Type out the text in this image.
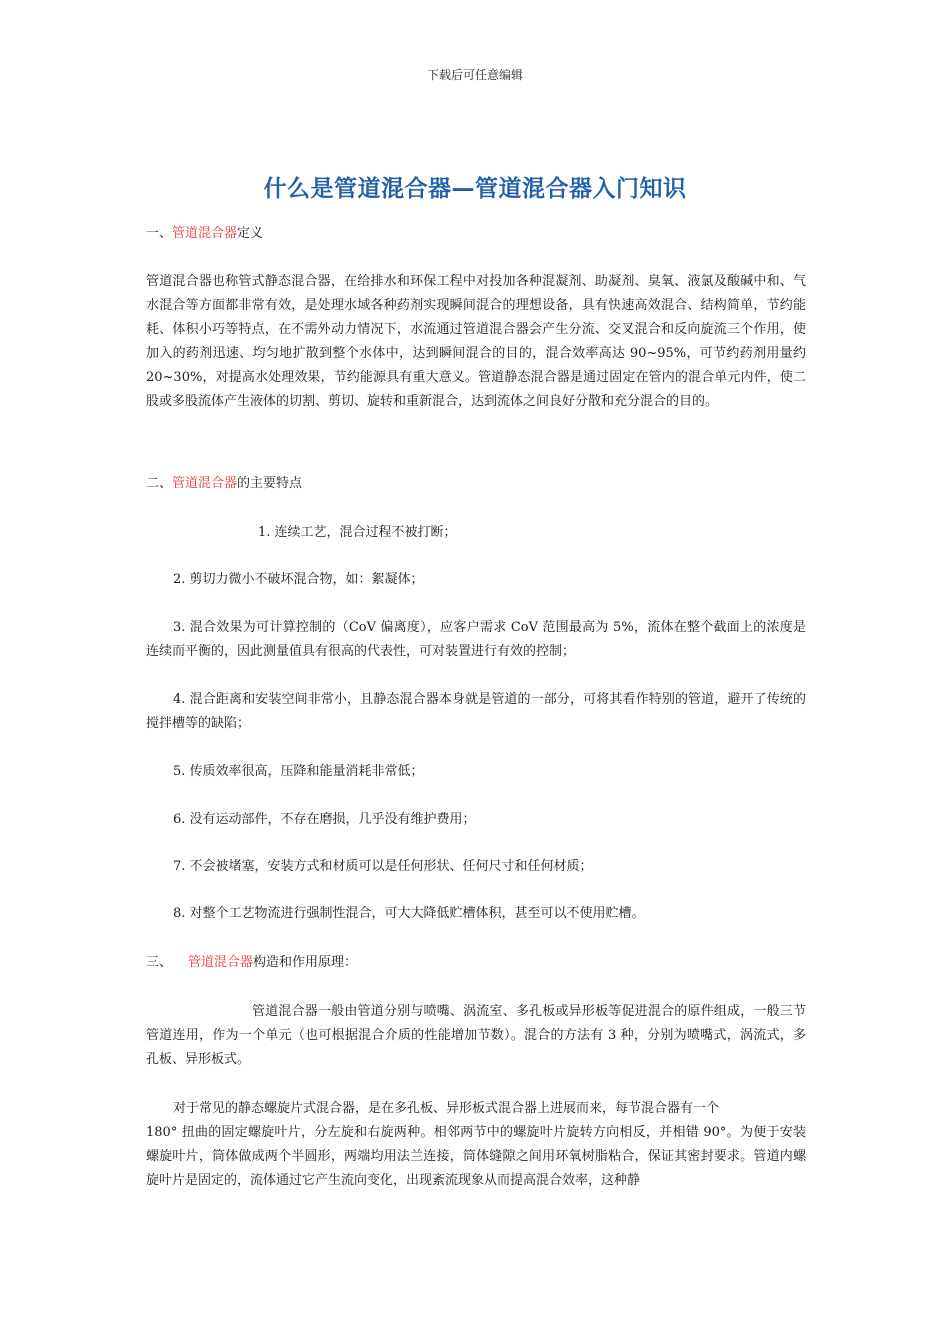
下载后可任意编辑
什么是管道混合器—管道混合器入门知识
一、管道混合器定义
管道混合器也称管式静态混合器，在给排水和环保工程中对投加各种混凝剂、助凝剂、臭氧、液氯及酸碱中和、气水混合等方面都非常有效，是处理水域各种药剂实现瞬间混合的理想设备，具有快速高效混合、结构简单，节约能耗、体积小巧等特点，在不需外动力情况下，水流通过管道混合器会产生分流、交叉混合和反向旋流三个作用，使加入的药剂迅速、均匀地扩散到整个水体中，达到瞬间混合的目的，混合效率高达 90~95%，可节约药剂用量约 20~30%，对提高水处理效果，节约能源具有重大意义。管道静态混合器是通过固定在管内的混合单元内件，使二股或多股流体产生液体的切割、剪切、旋转和重新混合，达到流体之间良好分散和充分混合的目的。
二、管道混合器的主要特点
1. 连续工艺，混合过程不被打断；
2. 剪切力微小不破坏混合物，如：絮凝体；
3. 混合效果为可计算控制的（CoV 偏离度），应客户需求 CoV 范围最高为 5%，流体在整个截面上的浓度是连续而平衡的，因此测量值具有很高的代表性，可对装置进行有效的控制；
4. 混合距离和安装空间非常小，且静态混合器本身就是管道的一部分，可将其看作特别的管道，避开了传统的搅拌槽等的缺陷；
5. 传质效率很高，压降和能量消耗非常低；
6. 没有运动部件，不存在磨损，几乎没有维护费用；
7. 不会被堵塞，安装方式和材质可以是任何形状、任何尺寸和任何材质；
8. 对整个工艺物流进行强制性混合，可大大降低贮槽体积，甚至可以不使用贮槽。
三、 管道混合器构造和作用原理：
管道混合器一般由管道分别与喷嘴、涡流室、多孔板或异形板等促进混合的原件组成，一般三节管道连用，作为一个单元（也可根据混合介质的性能增加节数）。混合的方法有 3 种，分别为喷嘴式，涡流式，多孔板、异形板式。
对于常见的静态螺旋片式混合器，是在多孔板、异形板式混合器上进展而来，每节混合器有一个
180° 扭曲的固定螺旋叶片，分左旋和右旋两种。相邻两节中的螺旋叶片旋转方向相反，并相错 90°。为便于安装螺旋叶片，筒体做成两个半圆形，两端均用法兰连接，筒体缝隙之间用环氧树脂粘合，保证其密封要求。管道内螺旋叶片是固定的，流体通过它产生流向变化，出现紊流现象从而提高混合效率，这种静
